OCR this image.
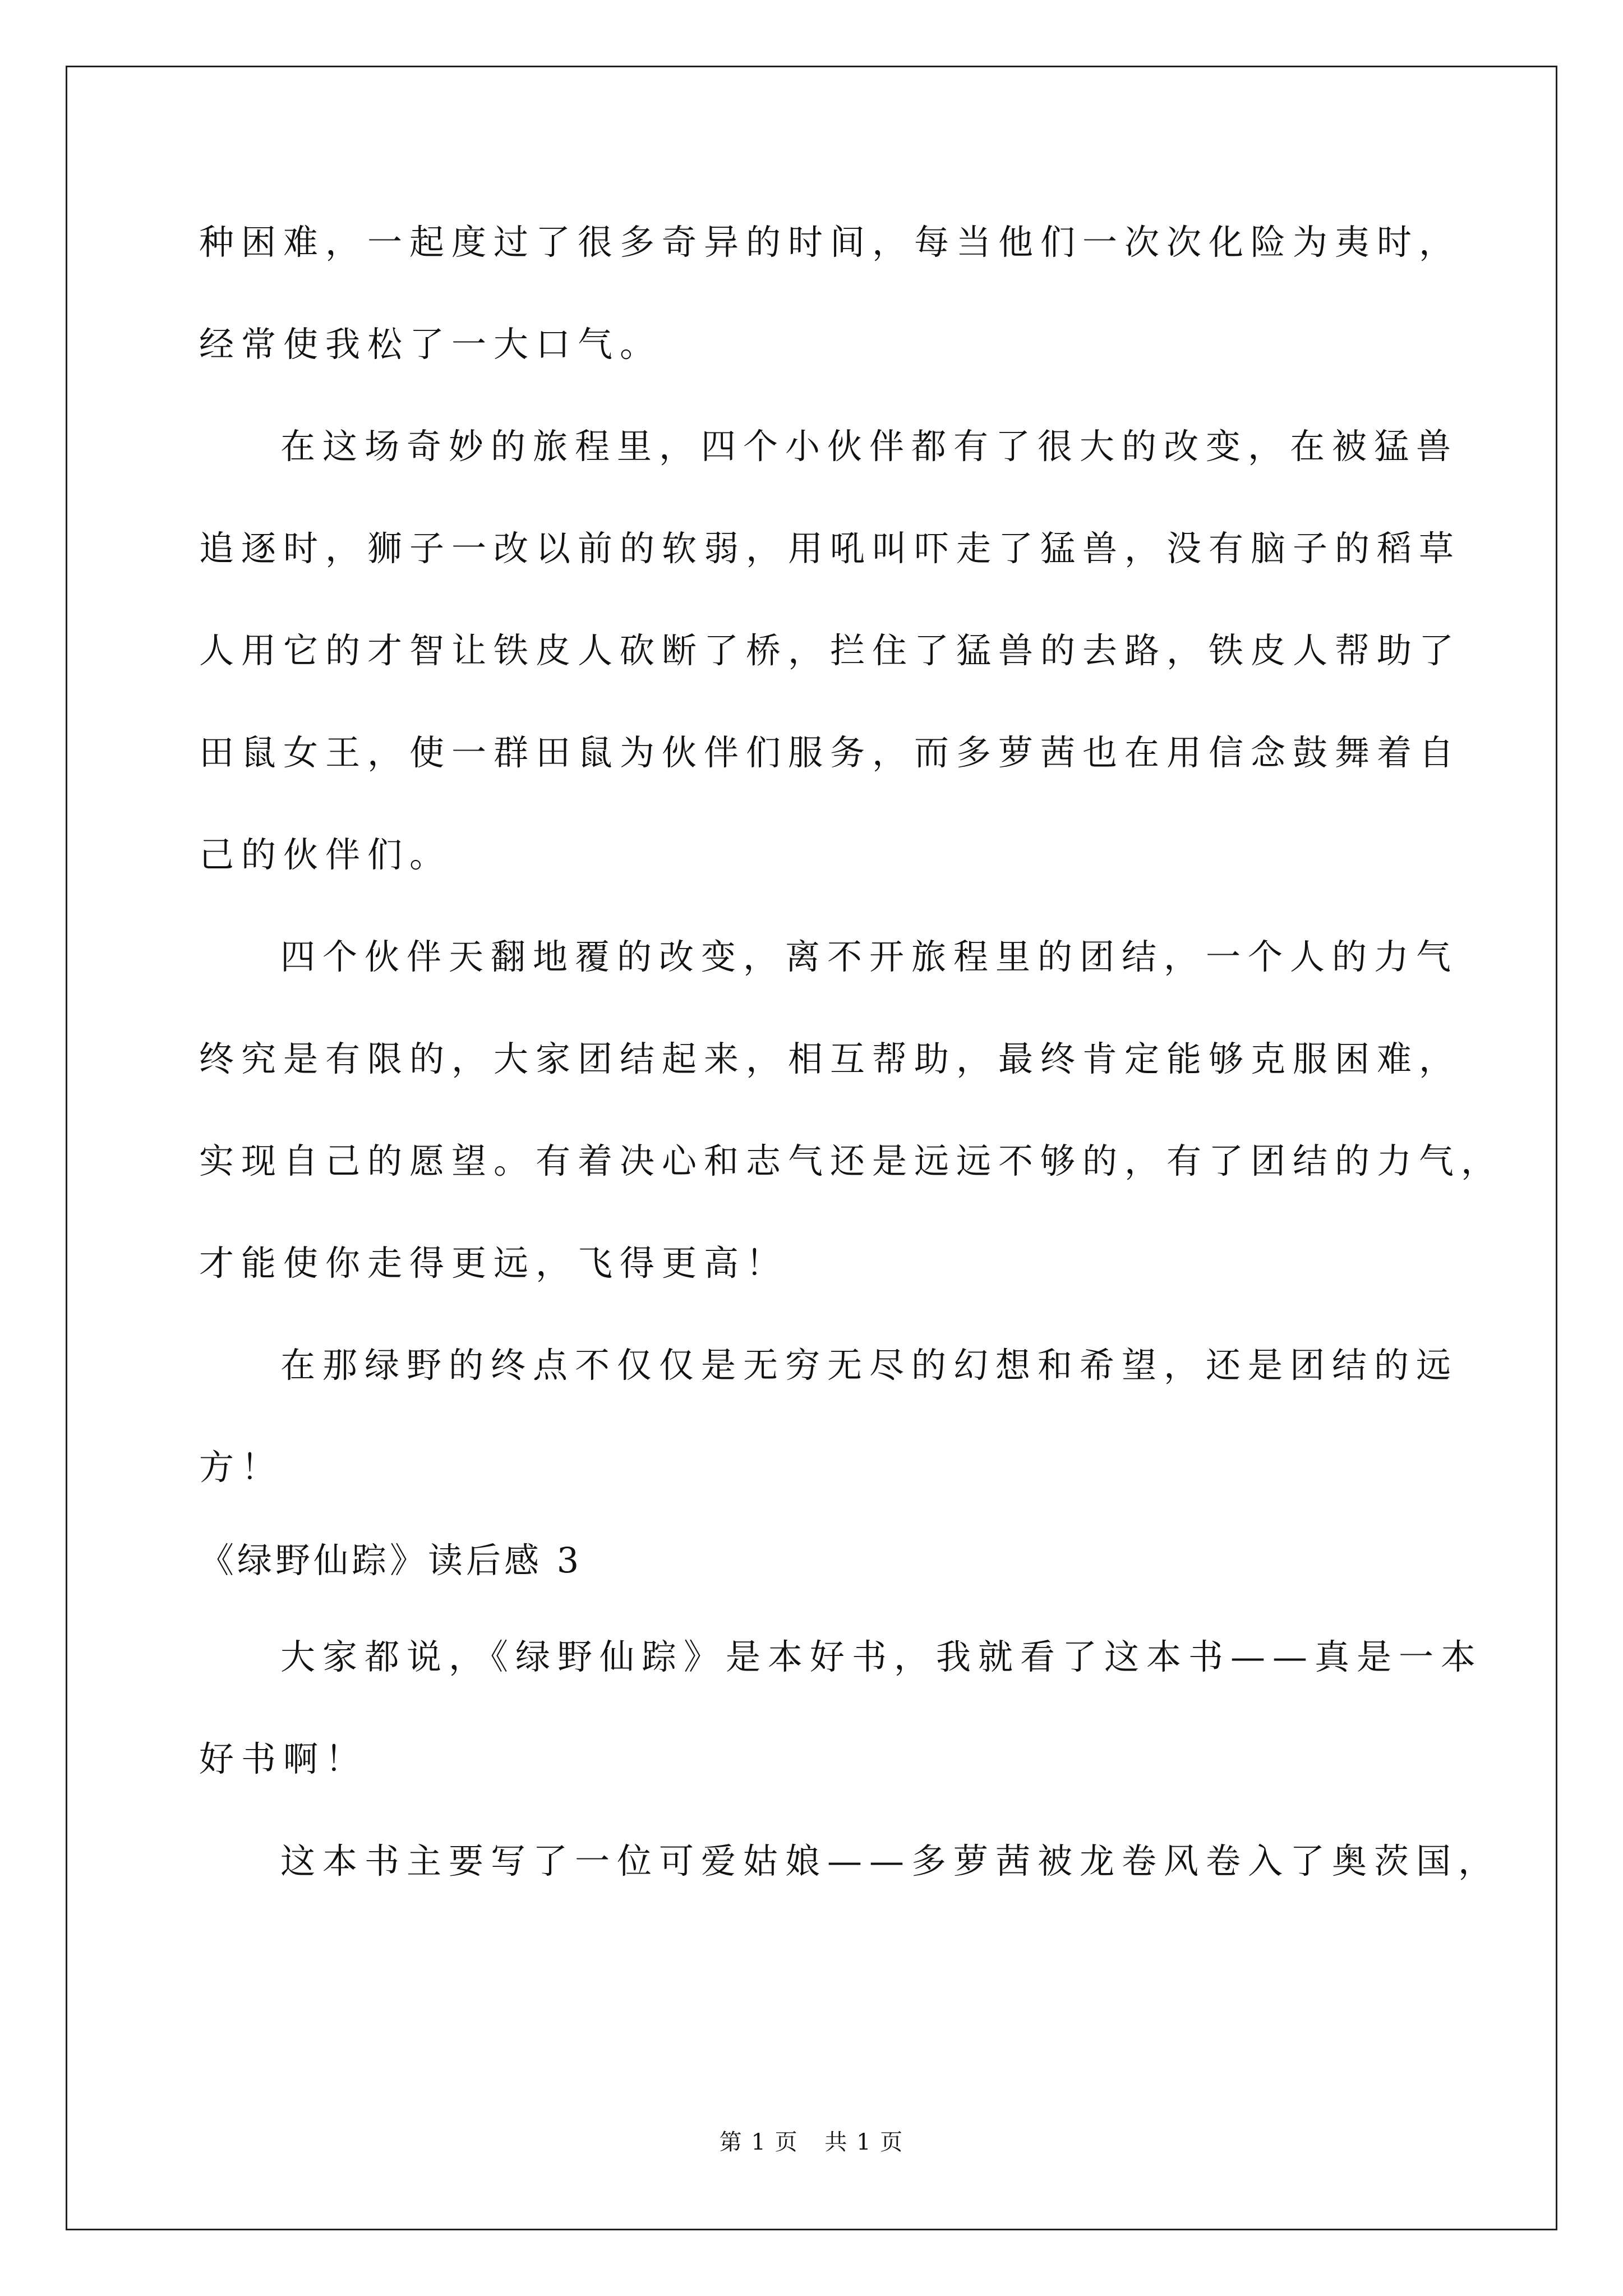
种困难，一起度过了很多奇异的时间，每当他们一次次化险为夷时，
经常使我松了一大口气。
在这场奇妙的旅程里，四个小伙伴都有了很大的改变，在被猛兽
追逐时，狮子一改以前的软弱，用吼叫吓走了猛兽，没有脑子的稻草
人用它的才智让铁皮人砍断了桥，拦住了猛兽的去路，铁皮人帮助了
田鼠女王，使一群田鼠为伙伴们服务，而多萝茜也在用信念鼓舞着自
己的伙伴们。
四个伙伴天翻地覆的改变，离不开旅程里的团结，一个人的力气
终究是有限的，大家团结起来，相互帮助，最终肯定能够克服困难，
实现自己的愿望。有着决心和志气还是远远不够的，有了团结的力气，
才能使你走得更远，飞得更高！
在那绿野的终点不仅仅是无穷无尽的幻想和希望，还是团结的远
方！
《绿野仙踪》读后感 3
大家都说，《绿野仙踪》是本好书，我就看了这本书——真是一本
好书啊！
这本书主要写了一位可爱姑娘——多萝茜被龙卷风卷入了奥茨国，
第 1 页 共 1 页
